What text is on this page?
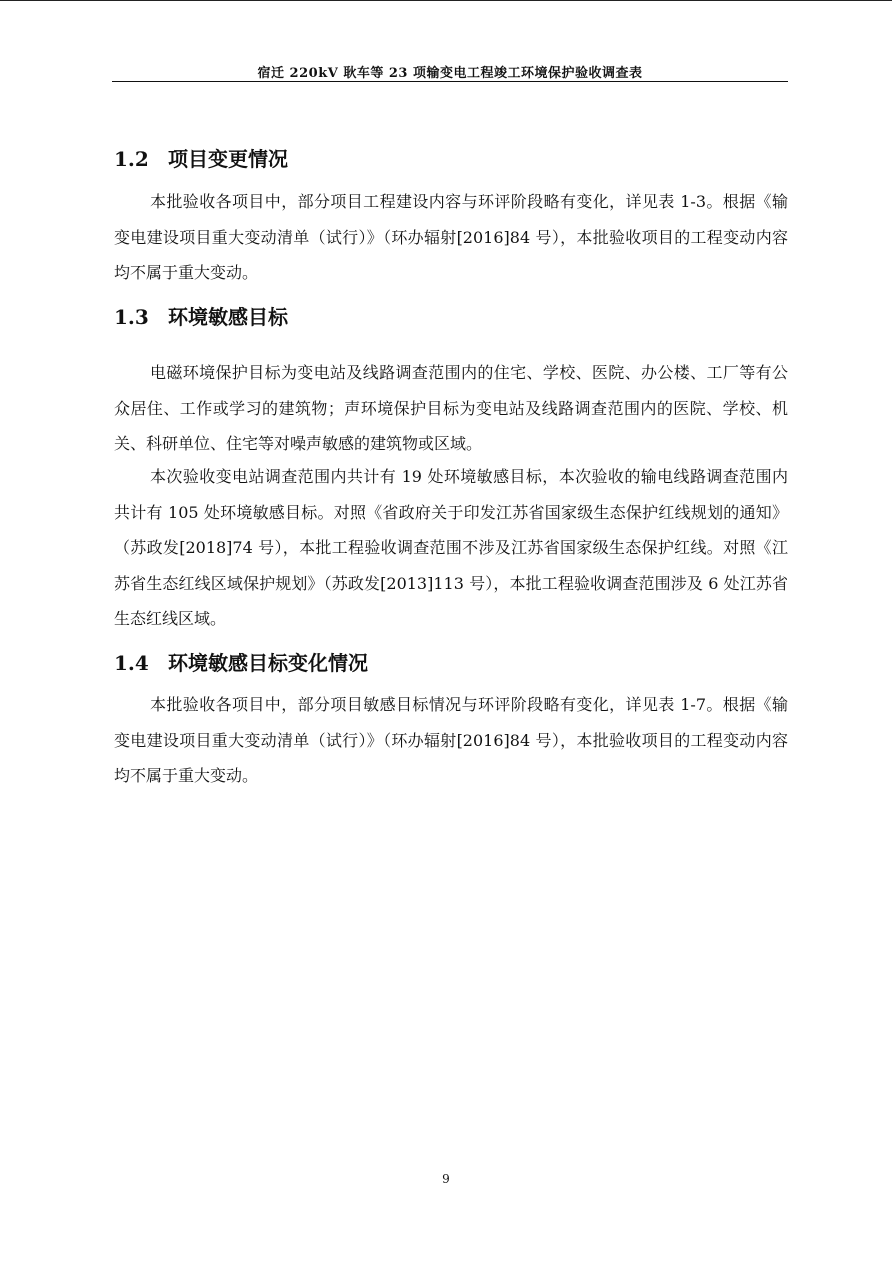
宿迁 220kV 耿车等 23 项输变电工程竣工环境保护验收调查表
1.2 项目变更情况

本批验收各项目中，部分项目工程建设内容与环评阶段略有变化，详见表 1-3。根据《输变电建设项目重大变动清单（试行）》（环办辐射[2016]84 号），本批验收项目的工程变动内容均不属于重大变动。

1.3 环境敏感目标

电磁环境保护目标为变电站及线路调查范围内的住宅、学校、医院、办公楼、工厂等有公众居住、工作或学习的建筑物；声环境保护目标为变电站及线路调查范围内的医院、学校、机关、科研单位、住宅等对噪声敏感的建筑物或区域。

本次验收变电站调查范围内共计有 19 处环境敏感目标，本次验收的输电线路调查范围内共计有 105 处环境敏感目标。对照《省政府关于印发江苏省国家级生态保护红线规划的通知》（苏政发[2018]74 号），本批工程验收调查范围不涉及江苏省国家级生态保护红线。对照《江苏省生态红线区域保护规划》（苏政发[2013]113 号），本批工程验收调查范围涉及 6 处江苏省生态红线区域。

1.4 环境敏感目标变化情况

本批验收各项目中，部分项目敏感目标情况与环评阶段略有变化，详见表 1-7。根据《输变电建设项目重大变动清单（试行）》（环办辐射[2016]84 号），本批验收项目的工程变动内容均不属于重大变动。

9
